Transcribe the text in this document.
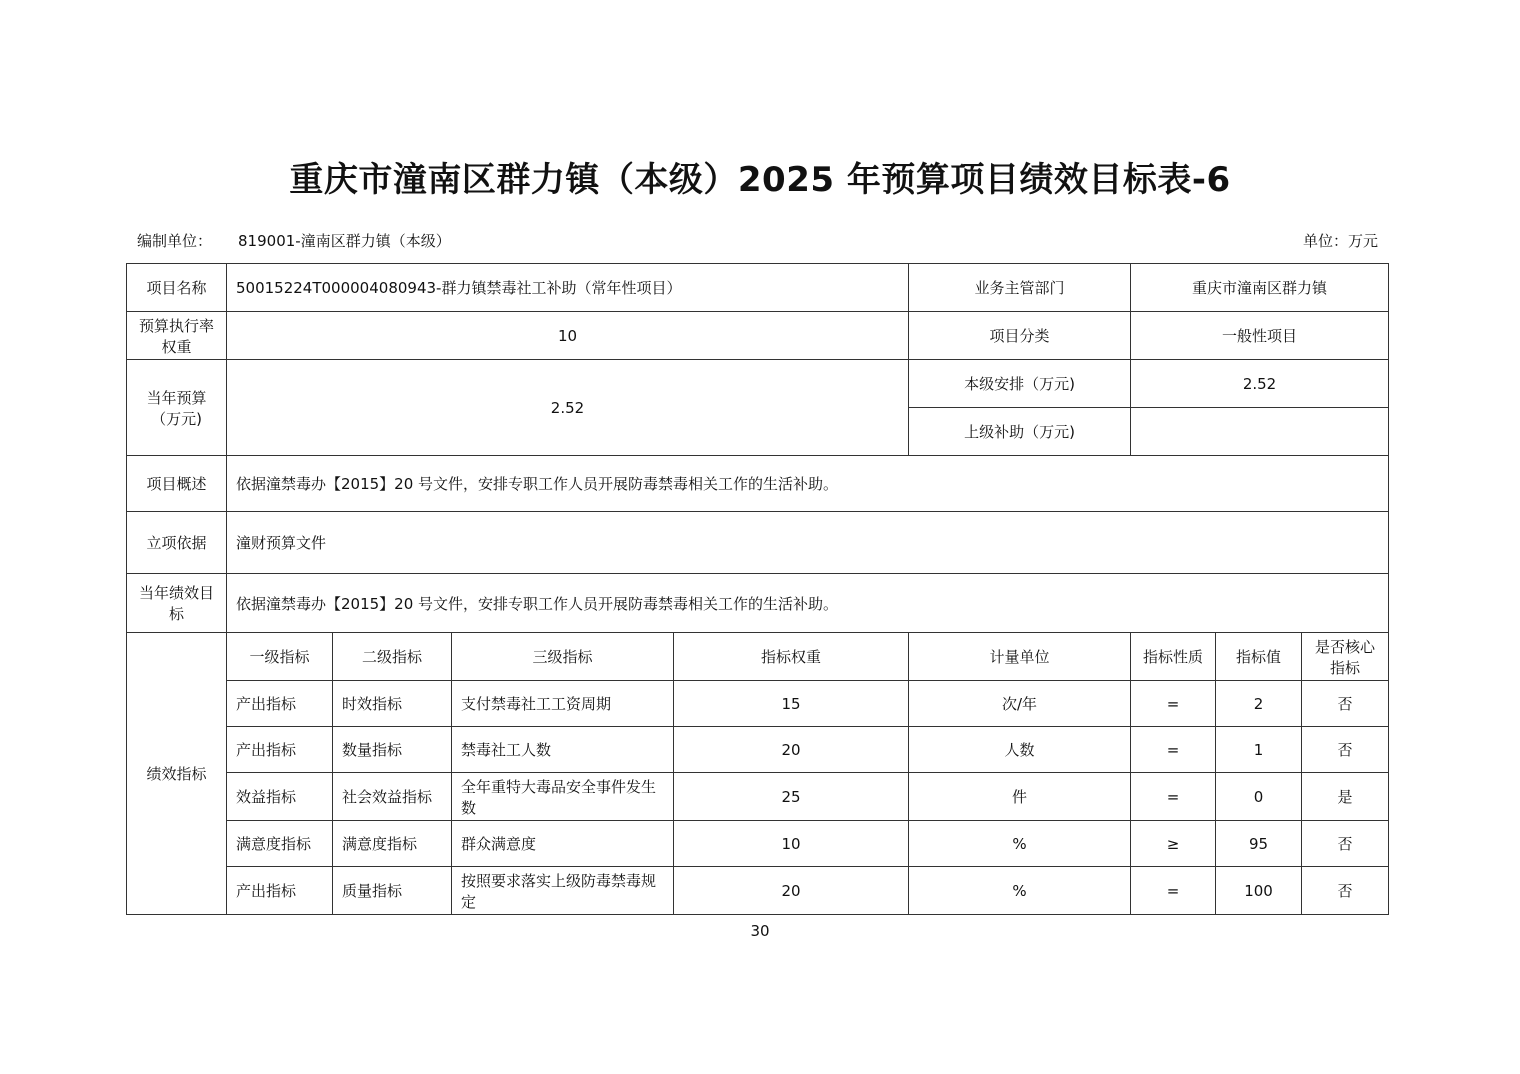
重庆市潼南区群力镇（本级）2025 年预算项目绩效目标表-6
编制单位： 819001-潼南区群力镇（本级）	单位：万元
项目名称	50015224T000004080943-群力镇禁毒社工补助（常年性项目）				业务主管部门	重庆市潼南区群力镇		
预算执行率权重	10				项目分类	一般性项目		
当年预算（万元)	2.52				本级安排（万元)	2.52		
					上级补助（万元)			
项目概述	依据潼禁毒办【2015】20 号文件，安排专职工作人员开展防毒禁毒相关工作的生活补助。							
立项依据	潼财预算文件							
当年绩效目标	依据潼禁毒办【2015】20 号文件，安排专职工作人员开展防毒禁毒相关工作的生活补助。							
绩效指标	一级指标	二级指标	三级指标	指标权重	计量单位	指标性质	指标值	是否核心指标
	产出指标	时效指标	支付禁毒社工工资周期	15	次/年	=	2	否
	产出指标	数量指标	禁毒社工人数	20	人数	=	1	否
	效益指标	社会效益指标	全年重特大毒品安全事件发生数	25	件	=	0	是
	满意度指标	满意度指标	群众满意度	10	%	≥	95	否
	产出指标	质量指标	按照要求落实上级防毒禁毒规定	20	%	=	100	否
30
